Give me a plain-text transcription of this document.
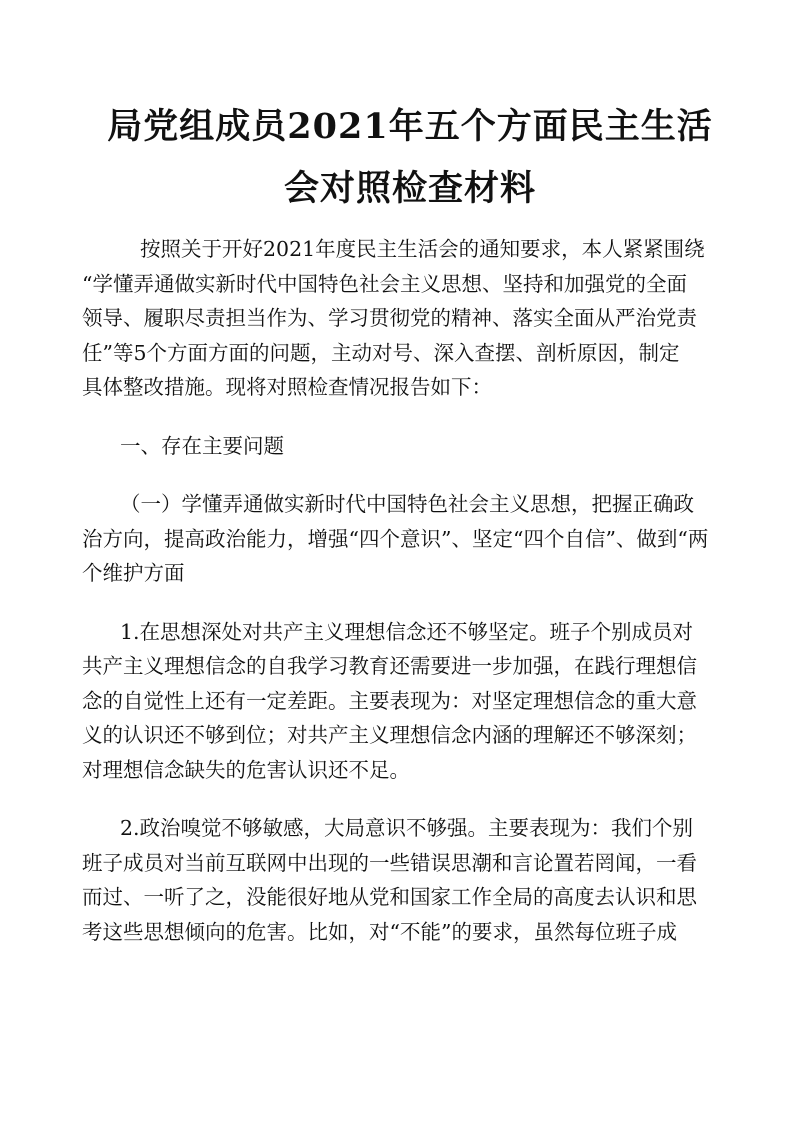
局党组成员2021年五个方面民主生活
会对照检查材料
按照关于开好2021年度民主生活会的通知要求，本人紧紧围绕
“学懂弄通做实新时代中国特色社会主义思想、坚持和加强党的全面
领导、履职尽责担当作为、学习贯彻党的精神、落实全面从严治党责
任”等5个方面方面的问题，主动对号、深入查摆、剖析原因，制定
具体整改措施。现将对照检查情况报告如下：
一、存在主要问题
（一）学懂弄通做实新时代中国特色社会主义思想，把握正确政
治方向，提高政治能力，增强“四个意识”、坚定“四个自信”、做到“两
个维护方面
1.在思想深处对共产主义理想信念还不够坚定。班子个别成员对
共产主义理想信念的自我学习教育还需要进一步加强，在践行理想信
念的自觉性上还有一定差距。主要表现为：对坚定理想信念的重大意
义的认识还不够到位；对共产主义理想信念内涵的理解还不够深刻；
对理想信念缺失的危害认识还不足。
2.政治嗅觉不够敏感，大局意识不够强。主要表现为：我们个别
班子成员对当前互联网中出现的一些错误思潮和言论置若罔闻，一看
而过、一听了之，没能很好地从党和国家工作全局的高度去认识和思
考这些思想倾向的危害。比如，对“不能”的要求，虽然每位班子成
